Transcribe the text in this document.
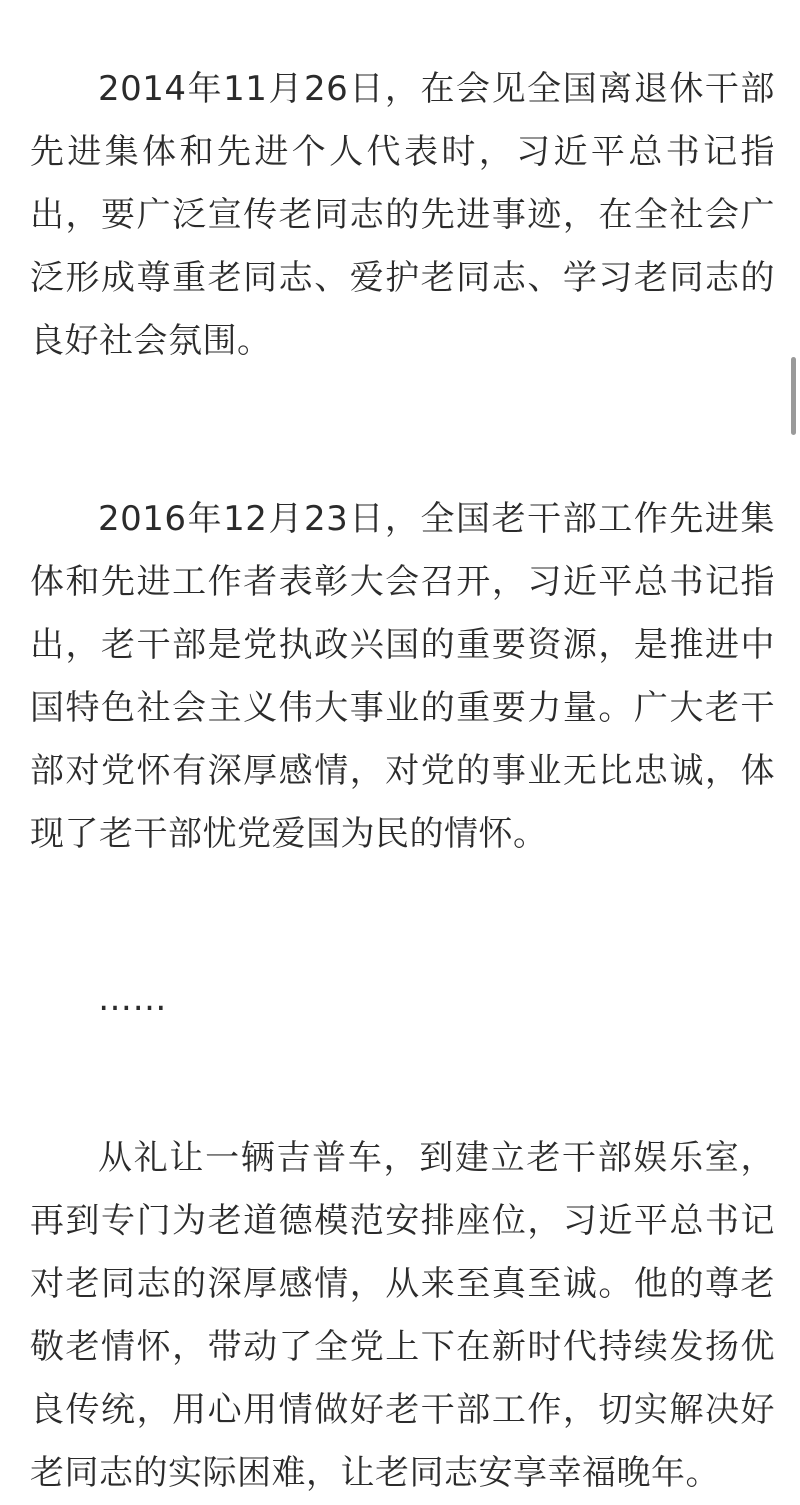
2014年11月26日，在会见全国离退休干部先进集体和先进个人代表时，习近平总书记指出，要广泛宣传老同志的先进事迹，在全社会广泛形成尊重老同志、爱护老同志、学习老同志的良好社会氛围。

2016年12月23日，全国老干部工作先进集体和先进工作者表彰大会召开，习近平总书记指出，老干部是党执政兴国的重要资源，是推进中国特色社会主义伟大事业的重要力量。广大老干部对党怀有深厚感情，对党的事业无比忠诚，体现了老干部忧党爱国为民的情怀。

……

从礼让一辆吉普车，到建立老干部娱乐室，再到专门为老道德模范安排座位，习近平总书记对老同志的深厚感情，从来至真至诚。他的尊老敬老情怀，带动了全党上下在新时代持续发扬优良传统，用心用情做好老干部工作，切实解决好老同志的实际困难，让老同志安享幸福晚年。
